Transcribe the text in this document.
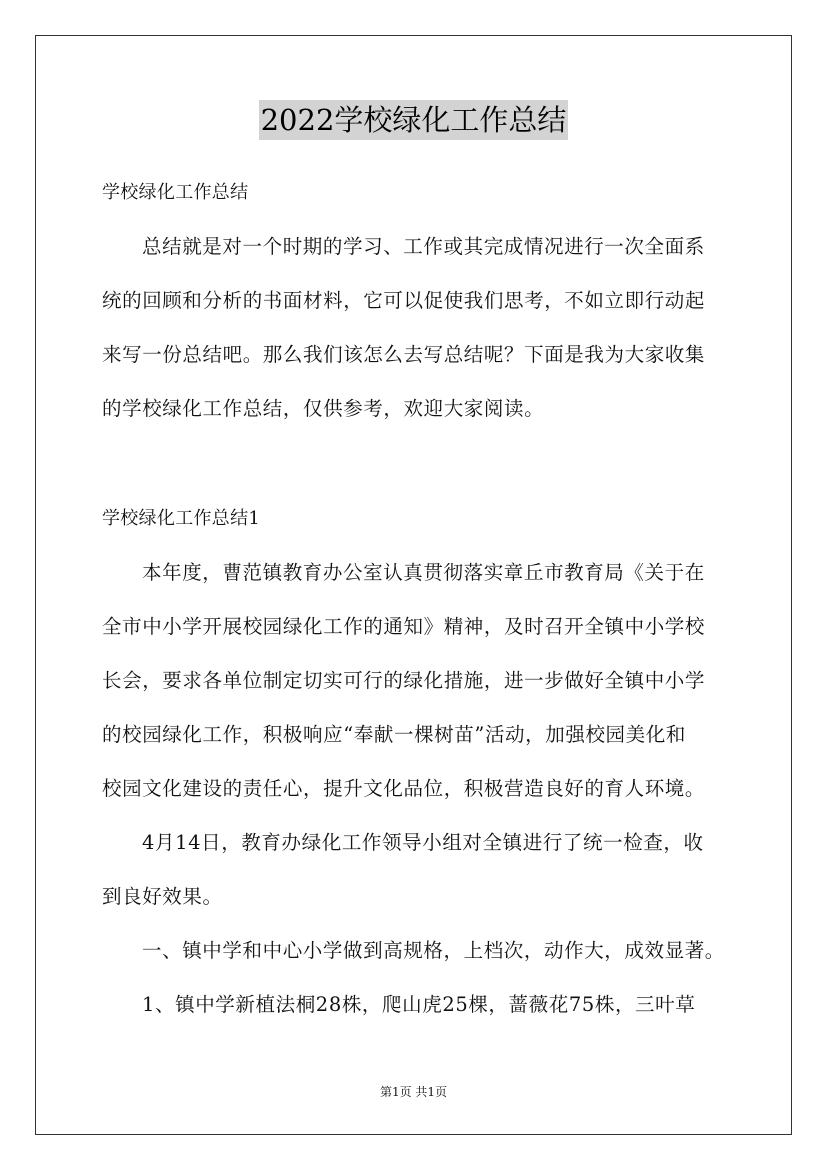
2022学校绿化工作总结
学校绿化工作总结
总结就是对一个时期的学习、工作或其完成情况进行一次全面系
统的回顾和分析的书面材料，它可以促使我们思考，不如立即行动起
来写一份总结吧。那么我们该怎么去写总结呢？下面是我为大家收集
的学校绿化工作总结，仅供参考，欢迎大家阅读。
学校绿化工作总结1
本年度，曹范镇教育办公室认真贯彻落实章丘市教育局《关于在
全市中小学开展校园绿化工作的通知》精神，及时召开全镇中小学校
长会，要求各单位制定切实可行的绿化措施，进一步做好全镇中小学
的校园绿化工作，积极响应“奉献一棵树苗”活动，加强校园美化和
校园文化建设的责任心，提升文化品位，积极营造良好的育人环境。
4月14日，教育办绿化工作领导小组对全镇进行了统一检查，收
到良好效果。
一、镇中学和中心小学做到高规格，上档次，动作大，成效显著。
1、镇中学新植法桐28株，爬山虎25棵，蔷薇花75株，三叶草
第1页 共1页
